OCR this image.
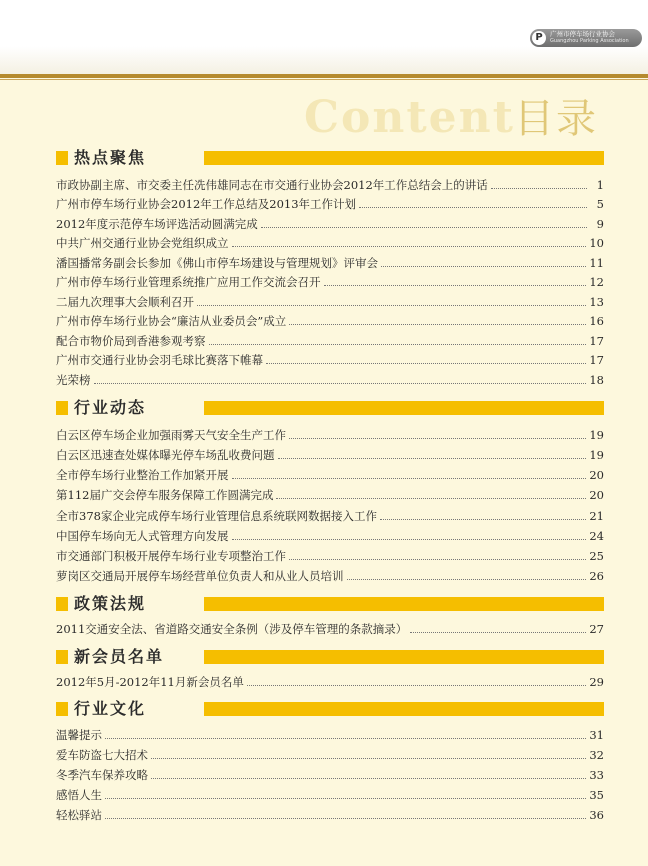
P	广州市停车场行业协会
Guangzhou Parking Association
Content 目录
热点聚焦
市政协副主席、市交委主任冼伟雄同志在市交通行业协会2012年工作总结会上的讲话	1
广州市停车场行业协会2012年工作总结及2013年工作计划	5
2012年度示范停车场评选活动圆满完成	9
中共广州交通行业协会党组织成立	10
潘国播常务副会长参加《佛山市停车场建设与管理规划》评审会	11
广州市停车场行业管理系统推广应用工作交流会召开	12
二届九次理事大会顺利召开	13
广州市停车场行业协会“廉洁从业委员会”成立	16
配合市物价局到香港参观考察	17
广州市交通行业协会羽毛球比赛落下帷幕	17
光荣榜	18
行业动态
白云区停车场企业加强雨雾天气安全生产工作	19
白云区迅速查处媒体曝光停车场乱收费问题	19
全市停车场行业整治工作加紧开展	20
第112届广交会停车服务保障工作圆满完成	20
全市378家企业完成停车场行业管理信息系统联网数据接入工作	21
中国停车场向无人式管理方向发展	24
市交通部门积极开展停车场行业专项整治工作	25
萝岗区交通局开展停车场经营单位负责人和从业人员培训	26
政策法规
2011交通安全法、省道路交通安全条例（涉及停车管理的条款摘录）	27
新会员名单
2012年5月-2012年11月新会员名单	29
行业文化
温馨提示	31
爱车防盗七大招术	32
冬季汽车保养攻略	33
感悟人生	35
轻松驿站	36
